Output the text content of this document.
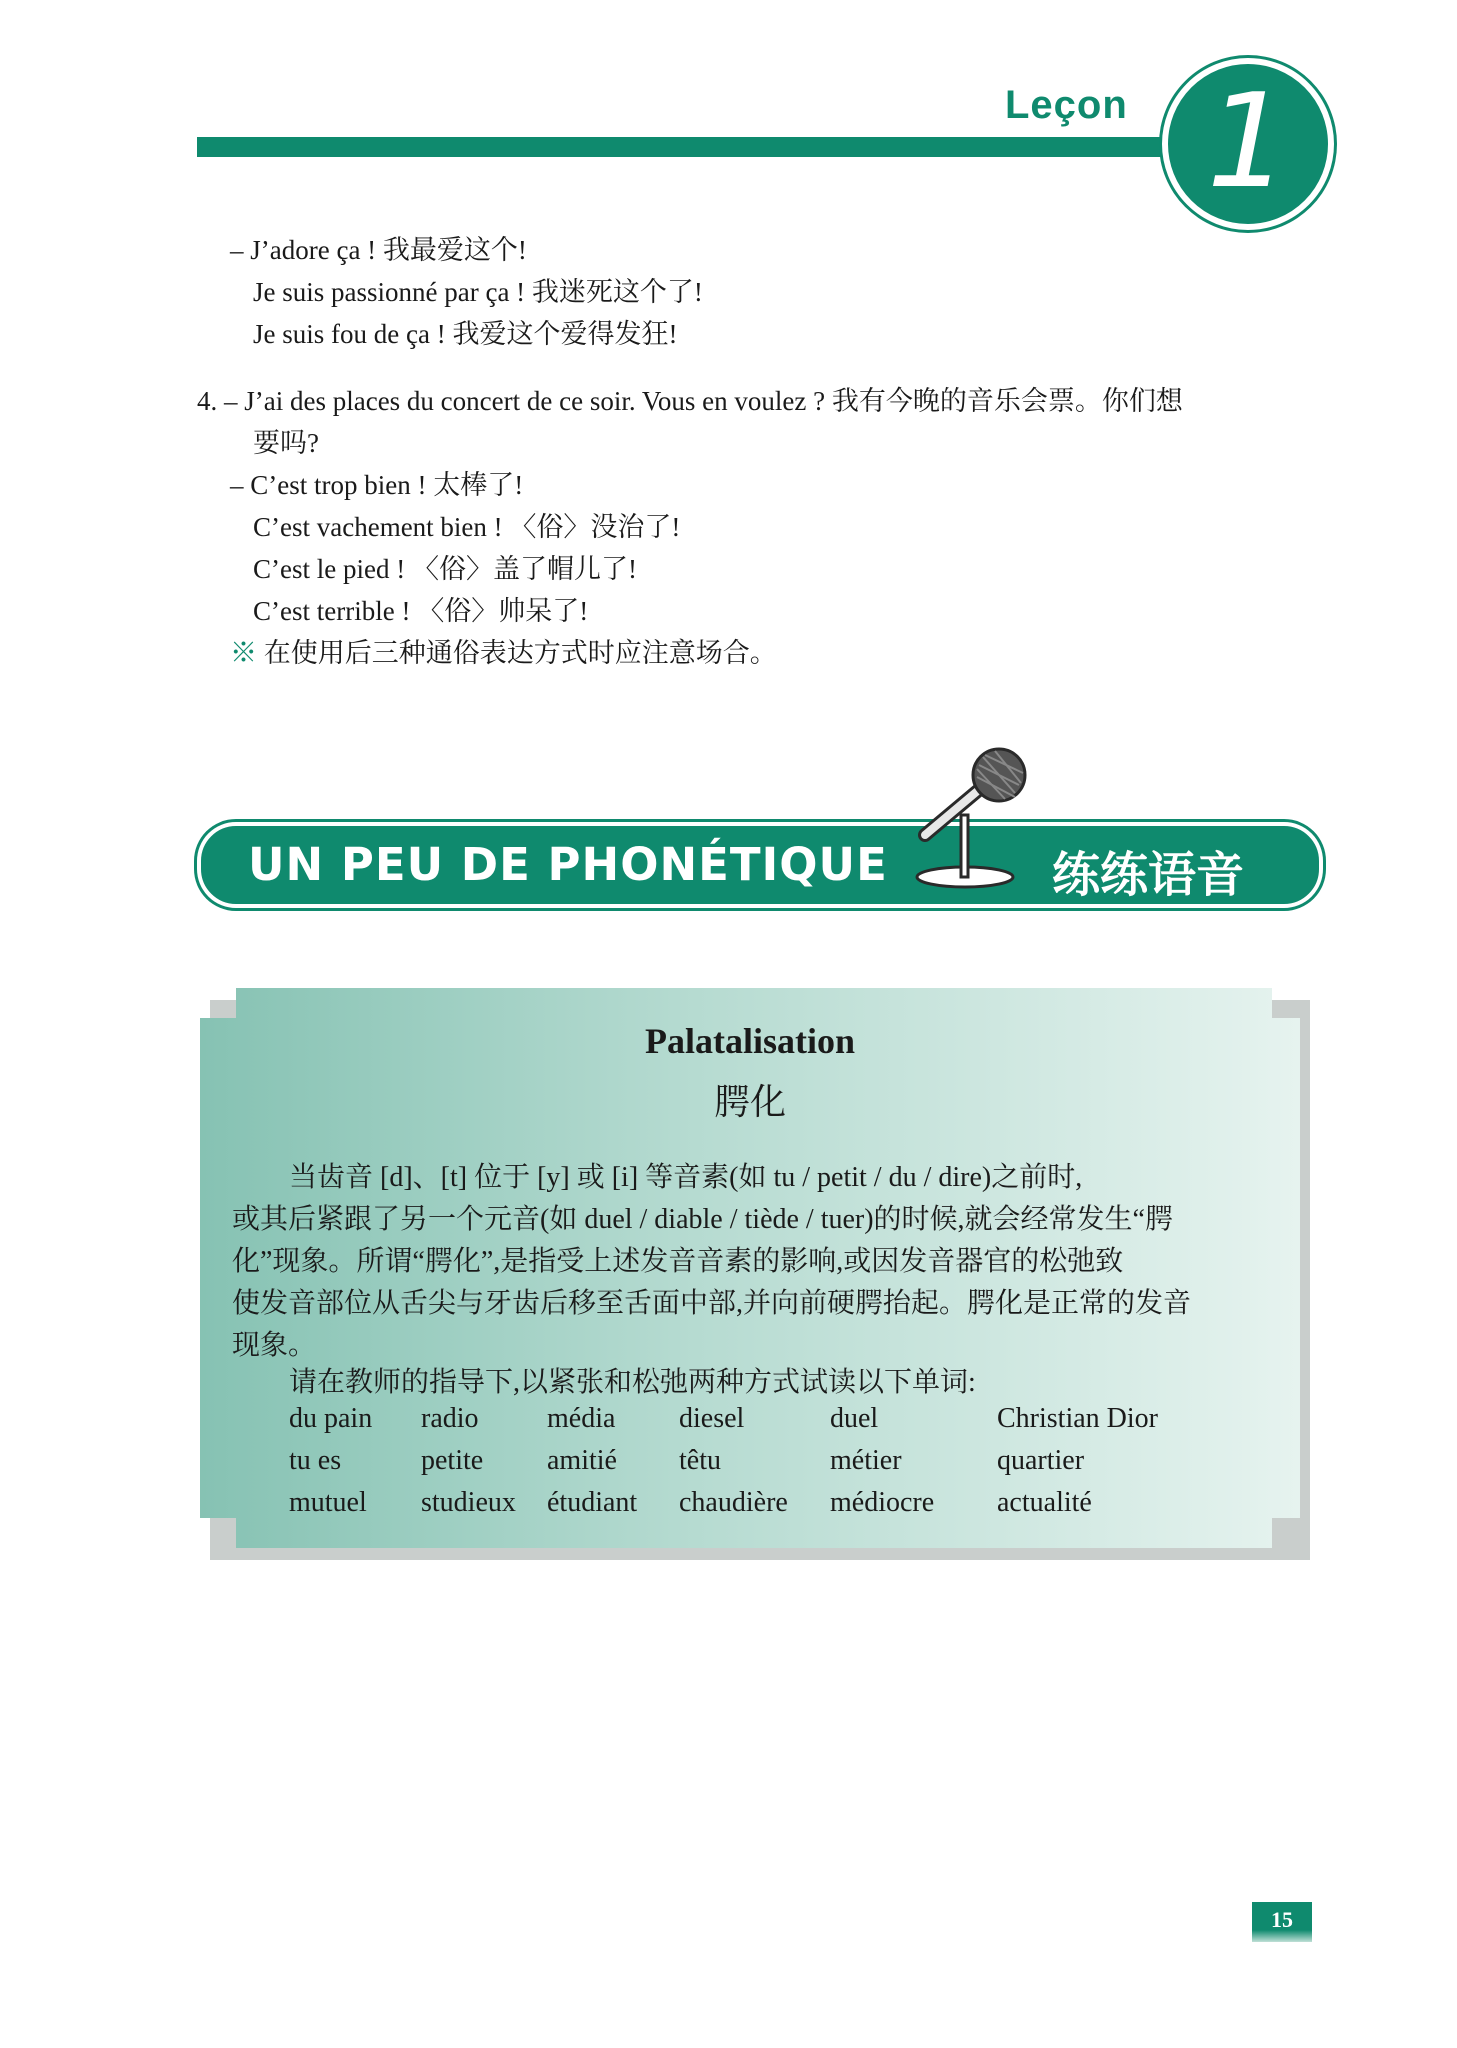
Leçon 1
– J’adore ça ! 我最爱这个!
Je suis passionné par ça ! 我迷死这个了!
Je suis fou de ça ! 我爱这个爱得发狂!
4. – J’ai des places du concert de ce soir. Vous en voulez ? 我有今晚的音乐会票。你们想
要吗?
– C’est trop bien ! 太棒了!
C’est vachement bien ! 〈俗〉没治了!
C’est le pied ! 〈俗〉盖了帽儿了!
C’est terrible ! 〈俗〉帅呆了!
※ 在使用后三种通俗表达方式时应注意场合。
UN PEU DE PHONÉTIQUE	练练语音
Palatalisation
腭化
当齿音 [d]、[t] 位于 [y] 或 [i] 等音素(如 tu / petit / du / dire)之前时,
或其后紧跟了另一个元音(如 duel / diable / tiède / tuer)的时候,就会经常发生“腭
化”现象。所谓“腭化”,是指受上述发音音素的影响,或因发音器官的松弛致
使发音部位从舌尖与牙齿后移至舌面中部,并向前硬腭抬起。腭化是正常的发音
现象。
请在教师的指导下,以紧张和松弛两种方式试读以下单词:
du pain	radio	média	diesel	duel	Christian Dior
tu es	petite	amitié	têtu	métier	quartier
mutuel	studieux	étudiant	chaudière	médiocre	actualité
15
